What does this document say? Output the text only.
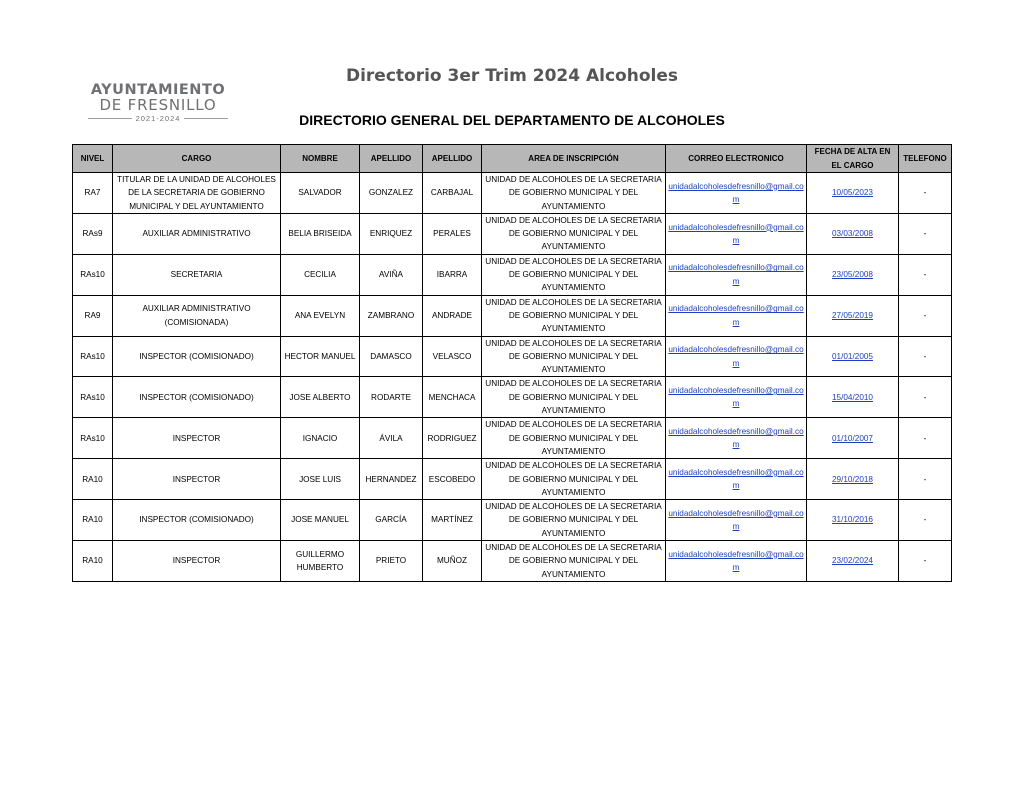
AYUNTAMIENTO
DE FRESNILLO
2021-2024
Directorio 3er Trim 2024 Alcoholes
DIRECTORIO GENERAL DEL DEPARTAMENTO DE ALCOHOLES
NIVEL	CARGO	NOMBRE	APELLIDO	APELLIDO	AREA DE INSCRIPCIÓN	CORREO ELECTRONICO	FECHA DE ALTA EN EL CARGO	TELEFONO
RA7	TITULAR DE LA UNIDAD DE ALCOHOLES DE LA SECRETARIA DE GOBIERNO MUNICIPAL Y DEL AYUNTAMIENTO	SALVADOR	GONZALEZ	CARBAJAL	UNIDAD DE ALCOHOLES DE LA SECRETARIA DE GOBIERNO MUNICIPAL Y DEL AYUNTAMIENTO	unidadalcoholesdefresnillo@gmail.com	10/05/2023	-
RAs9	AUXILIAR ADMINISTRATIVO	BELIA BRISEIDA	ENRIQUEZ	PERALES	UNIDAD DE ALCOHOLES DE LA SECRETARIA DE GOBIERNO MUNICIPAL Y DEL AYUNTAMIENTO	unidadalcoholesdefresnillo@gmail.com	03/03/2008	-
RAs10	SECRETARIA	CECILIA	AVIÑA	IBARRA	UNIDAD DE ALCOHOLES DE LA SECRETARIA DE GOBIERNO MUNICIPAL Y DEL AYUNTAMIENTO	unidadalcoholesdefresnillo@gmail.com	23/05/2008	-
RA9	AUXILIAR ADMINISTRATIVO (COMISIONADA)	ANA EVELYN	ZAMBRANO	ANDRADE	UNIDAD DE ALCOHOLES DE LA SECRETARIA DE GOBIERNO MUNICIPAL Y DEL AYUNTAMIENTO	unidadalcoholesdefresnillo@gmail.com	27/05/2019	-
RAs10	INSPECTOR (COMISIONADO)	HECTOR MANUEL	DAMASCO	VELASCO	UNIDAD DE ALCOHOLES DE LA SECRETARIA DE GOBIERNO MUNICIPAL Y DEL AYUNTAMIENTO	unidadalcoholesdefresnillo@gmail.com	01/01/2005	-
RAs10	INSPECTOR (COMISIONADO)	JOSE ALBERTO	RODARTE	MENCHACA	UNIDAD DE ALCOHOLES DE LA SECRETARIA DE GOBIERNO MUNICIPAL Y DEL AYUNTAMIENTO	unidadalcoholesdefresnillo@gmail.com	15/04/2010	-
RAs10	INSPECTOR	IGNACIO	ÁVILA	RODRIGUEZ	UNIDAD DE ALCOHOLES DE LA SECRETARIA DE GOBIERNO MUNICIPAL Y DEL AYUNTAMIENTO	unidadalcoholesdefresnillo@gmail.com	01/10/2007	-
RA10	INSPECTOR	JOSE LUIS	HERNANDEZ	ESCOBEDO	UNIDAD DE ALCOHOLES DE LA SECRETARIA DE GOBIERNO MUNICIPAL Y DEL AYUNTAMIENTO	unidadalcoholesdefresnillo@gmail.com	29/10/2018	-
RA10	INSPECTOR (COMISIONADO)	JOSE MANUEL	GARCÍA	MARTÍNEZ	UNIDAD DE ALCOHOLES DE LA SECRETARIA DE GOBIERNO MUNICIPAL Y DEL AYUNTAMIENTO	unidadalcoholesdefresnillo@gmail.com	31/10/2016	-
RA10	INSPECTOR	GUILLERMO HUMBERTO	PRIETO	MUÑOZ	UNIDAD DE ALCOHOLES DE LA SECRETARIA DE GOBIERNO MUNICIPAL Y DEL AYUNTAMIENTO	unidadalcoholesdefresnillo@gmail.com	23/02/2024	-
